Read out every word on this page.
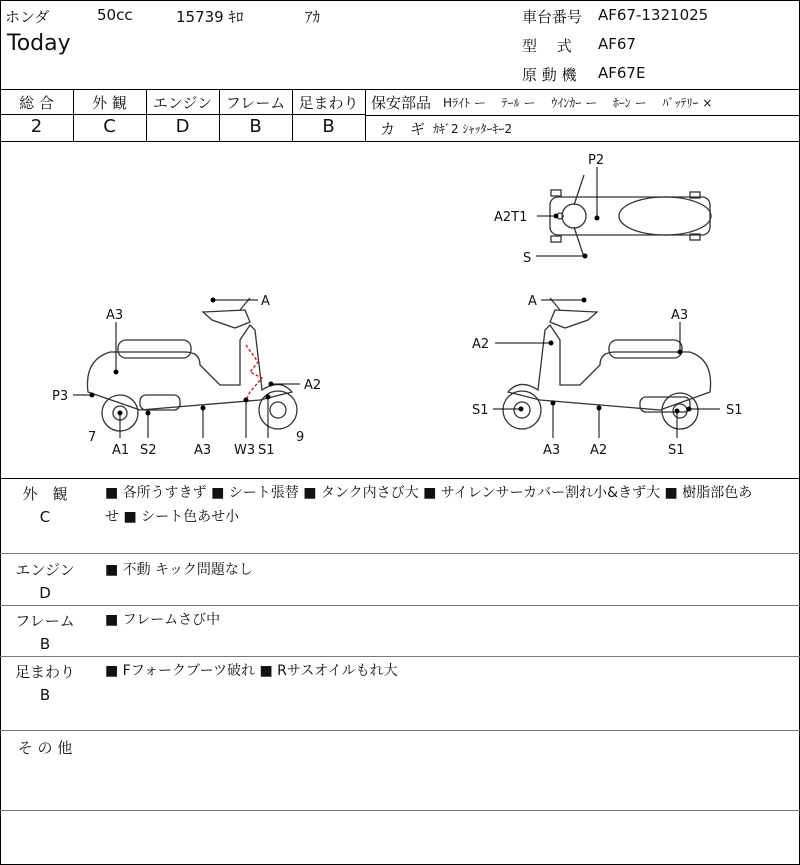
ホンダ	50cc	15739 ｷﾛ	ｱｶ
Today
車台番号 AF67-1321025
型　 式 AF67
原 動 機 AF67E
総 合	外 観	エンジン フレーム 足まわり
2	C	D	B	B
保安部品 Hﾗｲﾄ ー　 ﾃｰﾙ ー　 ｳｲﾝｶｰ ー　 ﾎｰﾝ ー　 ﾊﾞｯﾃﾘｰ ×
カ　ギ ｶｷﾞ2 ｼｬｯﾀｰｷｰ2
P2
A2T1
S
A
A3
P3
A2
7
A1 S2	A3 W3 S1
9
A
A3
A2
S1	S1
A3 A2	S1
外　観
C
■ 各所うすきず ■ シート張替 ■ タンク内さび大 ■ サイレンサーカバー割れ小&きず大 ■ 樹脂部色あ
せ ■ シート色あせ小
エンジン
D
■ 不動 キック問題なし
フレーム
B
■ フレームさび中
足まわり
B
■ Fフォークブーツ破れ ■ Rサスオイルもれ大
そ の 他
